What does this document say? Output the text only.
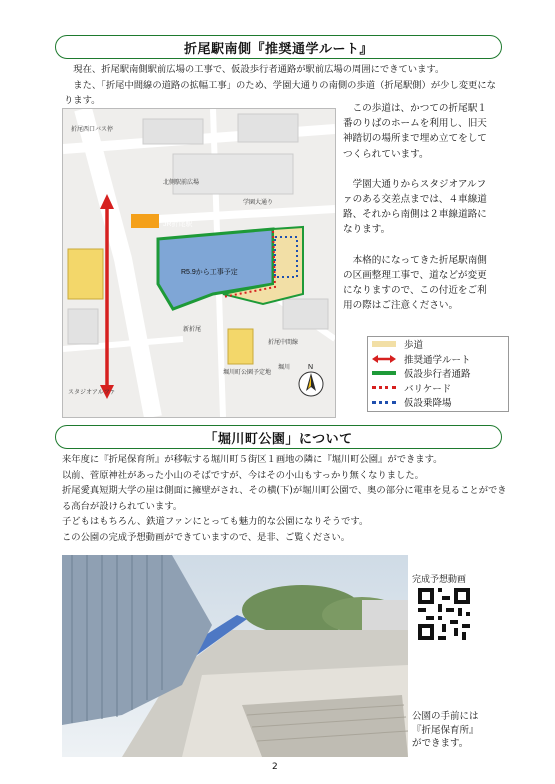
折尾駅南側『推奨通学ルート』
　現在、折尾駅南側駅前広場の工事で、仮設歩行者通路が駅前広場の周囲にできています。
　また、「折尾中間線の道路の拡幅工事」のため、学園大通りの南側の歩道（折尾駅側）が少し変更になります。
JR折尾駅
R5.9から工事予定
折尾西口バス停
学園大通り
新折尾
折尾中間線
堀川
スタジオアルファ
北側駅前広場
堀川町公園予定地
N

　この歩道は、かつての折尾駅１番のりばのホームを利用し、旧天神踏切の場所まで埋め立てをしてつくられています。

　学園大通りからスタジオアルファのある交差点までは、４車線道路、それから南側は２車線道路になります。

　本格的になってきた折尾駅南側の区画整理工事で、道などが変更になりますので、この付近をご利用の際はご注意ください。

歩道
推奨通学ルート
仮設歩行者通路
バリケード
仮設乗降場
「堀川町公園」について

来年度に『折尾保育所』が移転する堀川町５街区１画地の隣に『堀川町公園』ができます。

以前、菅原神社があった小山のそばですが、今はその小山もすっかり無くなりました。

折尾愛真短期大学の崖は側面に擁壁がされ、その横(下)が堀川町公園で、奥の部分に電車を見ることができる高台が設けられています。

子どもはもちろん、鉄道ファンにとっても魅力的な公園になりそうです。

この公園の完成予想動画ができていますので、是非、ご覧ください。

完成予想動画
公園の手前には
『折尾保育所』
ができます。
2
